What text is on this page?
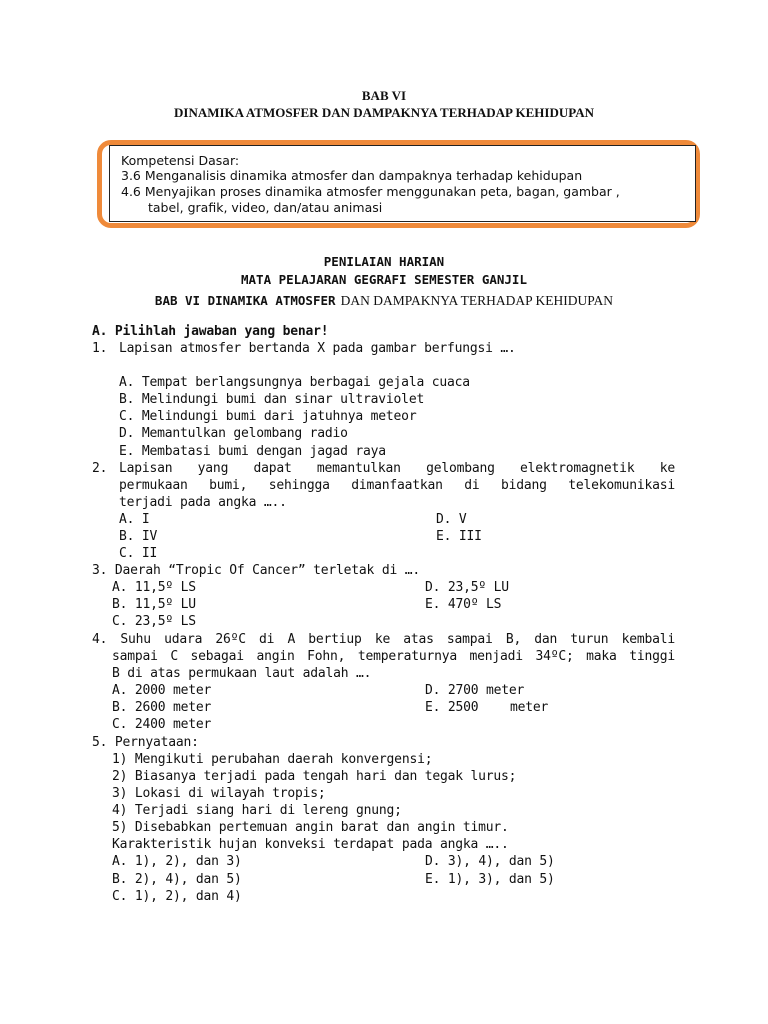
BAB VI
DINAMIKA ATMOSFER DAN DAMPAKNYA TERHADAP KEHIDUPAN
Kompetensi Dasar:
3.6 Menganalisis dinamika atmosfer dan dampaknya terhadap kehidupan
4.6 Menyajikan proses dinamika atmosfer menggunakan peta, bagan, gambar ,
tabel, grafik, video, dan/atau animasi
PENILAIAN HARIAN
MATA PELAJARAN GEGRAFI SEMESTER GANJIL
BAB VI DINAMIKA ATMOSFER DAN DAMPAKNYA TERHADAP KEHIDUPAN
A. Pilihlah jawaban yang benar!
1. Lapisan atmosfer bertanda X pada gambar berfungsi ….
A. Tempat berlangsungnya berbagai gejala cuaca
B. Melindungi bumi dan sinar ultraviolet
C. Melindungi bumi dari jatuhnya meteor
D. Memantulkan gelombang radio
E. Membatasi bumi dengan jagad raya
2. Lapisan yang dapat memantulkan gelombang elektromagnetik ke
permukaan bumi, sehingga dimanfaatkan di bidang telekomunikasi
terjadi pada angka …..
A. I	D. V
B. IV	E. III
C. II
3. Daerah “Tropic Of Cancer” terletak di ….
A. 11,5º LS	D. 23,5º LU
B. 11,5º LU	E. 470º LS
C. 23,5º LS
4. Suhu udara 26ºC di A bertiup ke atas sampai B, dan turun kembali
sampai C sebagai angin Fohn, temperaturnya menjadi 34ºC; maka tinggi
B di atas permukaan laut adalah ….
A. 2000 meter	D. 2700 meter
B. 2600 meter	E. 2500 meter
C. 2400 meter
5. Pernyataan:
1) Mengikuti perubahan daerah konvergensi;
2) Biasanya terjadi pada tengah hari dan tegak lurus;
3) Lokasi di wilayah tropis;
4) Terjadi siang hari di lereng gnung;
5) Disebabkan pertemuan angin barat dan angin timur.
Karakteristik hujan konveksi terdapat pada angka …..
A. 1), 2), dan 3)	D. 3), 4), dan 5)
B. 2), 4), dan 5)	E. 1), 3), dan 5)
C. 1), 2), dan 4)
